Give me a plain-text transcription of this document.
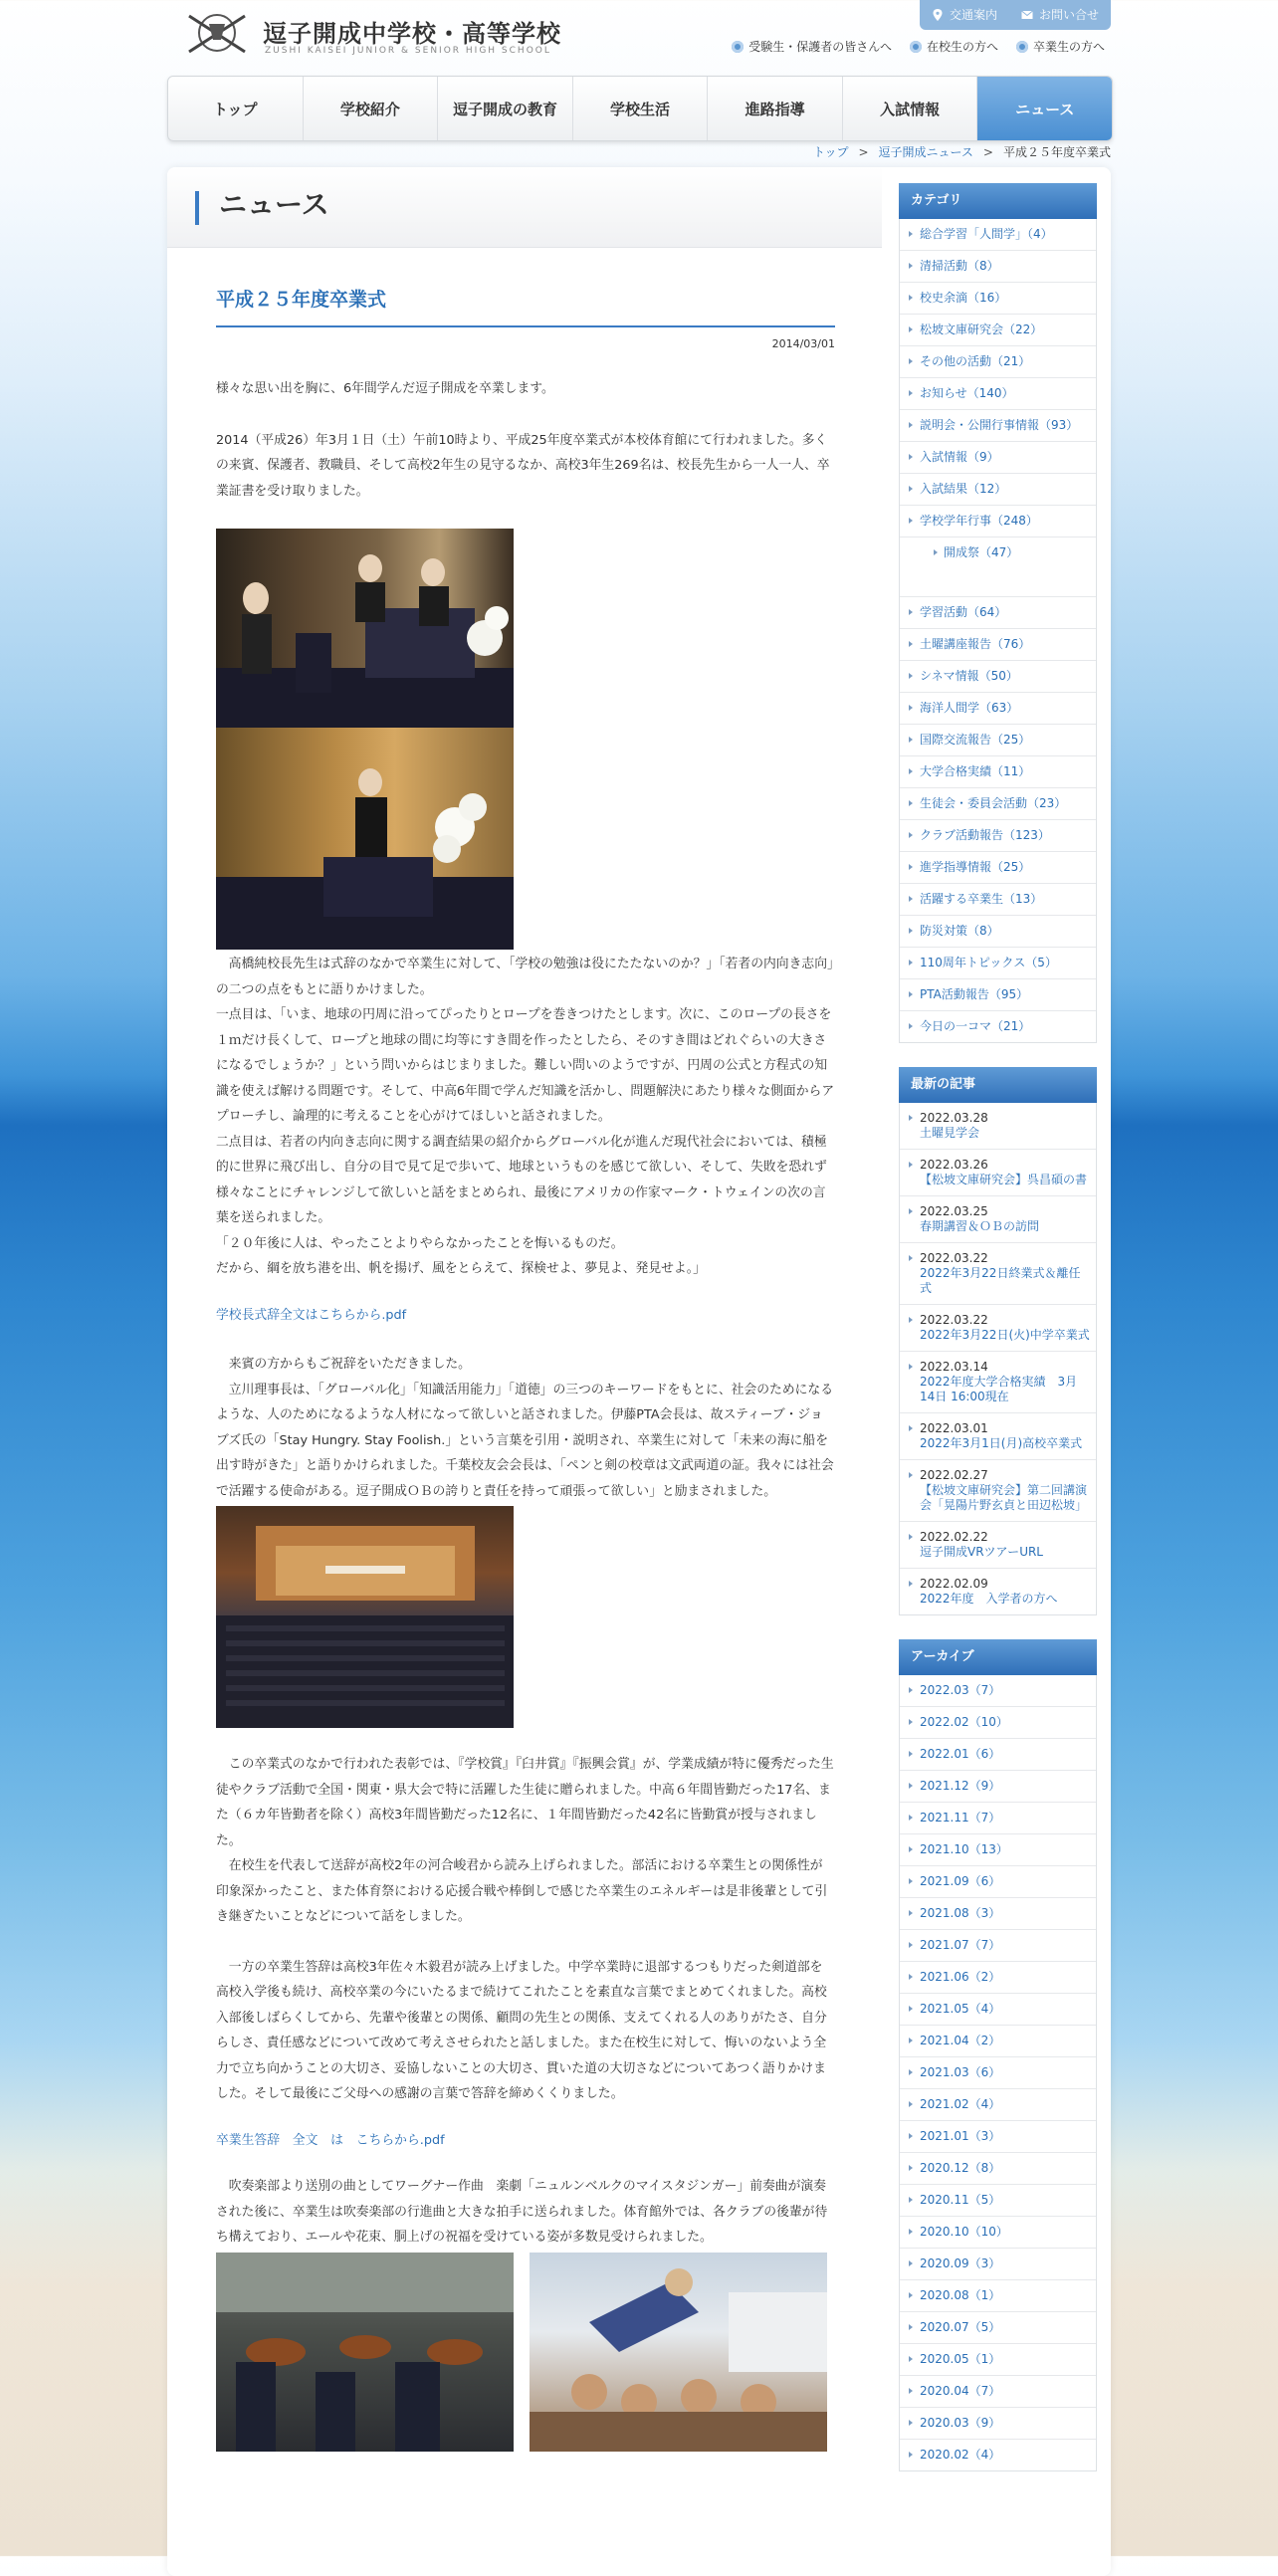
逗子開成中学校・高等学校
ZUSHI KAISEI JUNIOR & SENIOR HIGH SCHOOL
交通案内	お問い合せ
受験生・保護者の皆さんへ	在校生の方へ	卒業生の方へ
トップ	学校紹介	逗子開成の教育	学校生活	進路指導	入試情報	ニュース
トップ > 逗子開成ニュース > 平成２５年度卒業式
ニュース
平成２５年度卒業式
2014/03/01

様々な思い出を胸に、6年間学んだ逗子開成を卒業します。

2014（平成26）年3月１日（土）午前10時より、平成25年度卒業式が本校体育館にて行われました。多くの来賓、保護者、教職員、そして高校2年生の見守るなか、高校3年生269名は、校長先生から一人一人、卒業証書を受け取りました。

　高橋純校長先生は式辞のなかで卒業生に対して、「学校の勉強は役にたたないのか？」「若者の内向き志向」の二つの点をもとに語りかけました。

一点目は、「いま、地球の円周に沿ってぴったりとロープを巻きつけたとします。次に、このロープの長さを１ｍだけ長くして、ロープと地球の間に均等にすき間を作ったとしたら、そのすき間はどれぐらいの大きさになるでしょうか？」という問いからはじまりました。難しい問いのようですが、円周の公式と方程式の知識を使えば解ける問題です。そして、中高6年間で学んだ知識を活かし、問題解決にあたり様々な側面からアプローチし、論理的に考えることを心がけてほしいと話されました。

二点目は、若者の内向き志向に関する調査結果の紹介からグローバル化が進んだ現代社会においては、積極的に世界に飛び出し、自分の目で見て足で歩いて、地球というものを感じて欲しい、そして、失敗を恐れず様々なことにチャレンジして欲しいと話をまとめられ、最後にアメリカの作家マーク・トウェインの次の言葉を送られました。

「２０年後に人は、やったことよりやらなかったことを悔いるものだ。

だから、綱を放ち港を出、帆を揚げ、風をとらえて、探検せよ、夢見よ、発見せよ。」

学校長式辞全文はこちらから.pdf

　来賓の方からもご祝辞をいただきました。

　立川理事長は、「グローバル化」「知識活用能力」「道徳」の三つのキーワードをもとに、社会のためになるような、人のためになるような人材になって欲しいと話されました。伊藤PTA会長は、故スティーブ・ジョブズ氏の「Stay Hungry. Stay Foolish.」という言葉を引用・説明され、卒業生に対して「未来の海に船を出す時がきた」と語りかけられました。千葉校友会会長は、「ペンと剣の校章は文武両道の証。我々には社会で活躍する使命がある。逗子開成ＯＢの誇りと責任を持って頑張って欲しい」と励まされました。

　この卒業式のなかで行われた表彰では、『学校賞』『臼井賞』『振興会賞』が、学業成績が特に優秀だった生徒やクラブ活動で全国・関東・県大会で特に活躍した生徒に贈られました。中高６年間皆勤だった17名、また（６カ年皆勤者を除く）高校3年間皆勤だった12名に、１年間皆勤だった42名に皆勤賞が授与されました。

　在校生を代表して送辞が高校2年の河合峻君から読み上げられました。部活における卒業生との関係性が印象深かったこと、また体育祭における応援合戦や棒倒しで感じた卒業生のエネルギーは是非後輩として引き継ぎたいことなどについて話をしました。

　一方の卒業生答辞は高校3年佐々木毅君が読み上げました。中学卒業時に退部するつもりだった剣道部を高校入学後も続け、高校卒業の今にいたるまで続けてこれたことを素直な言葉でまとめてくれました。高校入部後しばらくしてから、先輩や後輩との関係、顧問の先生との関係、支えてくれる人のありがたさ、自分らしさ、責任感などについて改めて考えさせられたと話しました。また在校生に対して、悔いのないよう全力で立ち向かうことの大切さ、妥協しないことの大切さ、貫いた道の大切さなどについてあつく語りかけました。そして最後にご父母への感謝の言葉で答辞を締めくくりました。

卒業生答辞　全文　は　こちらから.pdf

　吹奏楽部より送別の曲としてワーグナー作曲　楽劇「ニュルンベルクのマイスタジンガー」前奏曲が演奏された後に、卒業生は吹奏楽部の行進曲と大きな拍手に送られました。体育館外では、各クラブの後輩が待ち構えており、エールや花束、胴上げの祝福を受けている姿が多数見受けられました。

カテゴリ
総合学習「人間学」（4）
清掃活動（8）
校史余滴（16）
松坡文庫研究会（22）
その他の活動（21）
お知らせ（140）
説明会・公開行事情報（93）
入試情報（9）
入試結果（12）
学校学年行事（248）
開成祭（47）
学習活動（64）
土曜講座報告（76）
シネマ情報（50）
海洋人間学（63）
国際交流報告（25）
大学合格実績（11）
生徒会・委員会活動（23）
クラブ活動報告（123）
進学指導情報（25）
活躍する卒業生（13）
防災対策（8）
110周年トピックス（5）
PTA活動報告（95）
今日の一コマ（21）
最新の記事
2022.03.28
土曜見学会
2022.03.26
【松坡文庫研究会】呉昌碩の書
2022.03.25
春期講習＆ＯＢの訪問
2022.03.22
2022年3月22日終業式＆離任式
2022.03.22
2022年3月22日(火)中学卒業式
2022.03.14
2022年度大学合格実績　3月14日 16:00現在
2022.03.01
2022年3月1日(月)高校卒業式
2022.02.27
【松坡文庫研究会】第二回講演会「晃陽片野玄貞と田辺松坡」
2022.02.22
逗子開成VRツアーURL
2022.02.09
2022年度　入学者の方へ
アーカイブ
2022.03（7）
2022.02（10）
2022.01（6）
2021.12（9）
2021.11（7）
2021.10（13）
2021.09（6）
2021.08（3）
2021.07（7）
2021.06（2）
2021.05（4）
2021.04（2）
2021.03（6）
2021.02（4）
2021.01（3）
2020.12（8）
2020.11（5）
2020.10（10）
2020.09（3）
2020.08（1）
2020.07（5）
2020.05（1）
2020.04（7）
2020.03（9）
2020.02（4）
